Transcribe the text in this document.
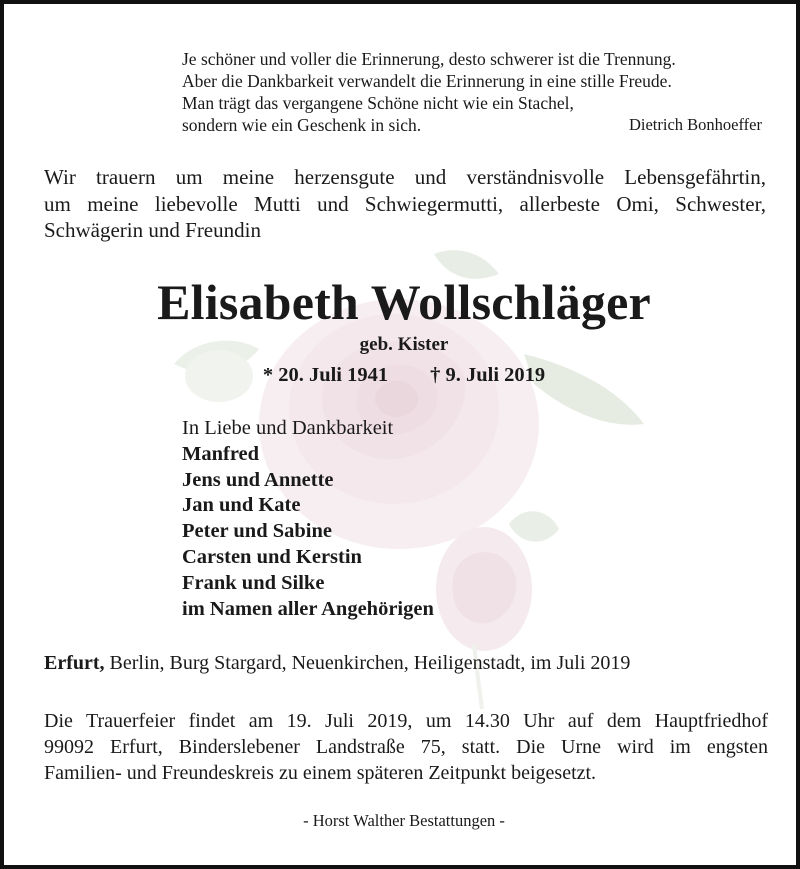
Je schöner und voller die Erinnerung, desto schwerer ist die Trennung.
Aber die Dankbarkeit verwandelt die Erinnerung in eine stille Freude.
Man trägt das vergangene Schöne nicht wie ein Stachel,
sondern wie ein Geschenk in sich.	Dietrich Bonhoeffer
Wir trauern um meine herzensgute und verständnisvolle Lebensgefährtin,
um meine liebevolle Mutti und Schwiegermutti, allerbeste Omi, Schwester,
Schwägerin und Freundin
Elisabeth Wollschläger
geb. Kister
* 20. Juli 1941 † 9. Juli 2019
In Liebe und Dankbarkeit
Manfred
Jens und Annette
Jan und Kate
Peter und Sabine
Carsten und Kerstin
Frank und Silke
im Namen aller Angehörigen
Erfurt, Berlin, Burg Stargard, Neuenkirchen, Heiligenstadt, im Juli 2019
Die Trauerfeier findet am 19. Juli 2019, um 14.30 Uhr auf dem Hauptfriedhof
99092 Erfurt, Binderslebener Landstraße 75, statt. Die Urne wird im engsten
Familien- und Freundeskreis zu einem späteren Zeitpunkt beigesetzt.
- Horst Walther Bestattungen -
